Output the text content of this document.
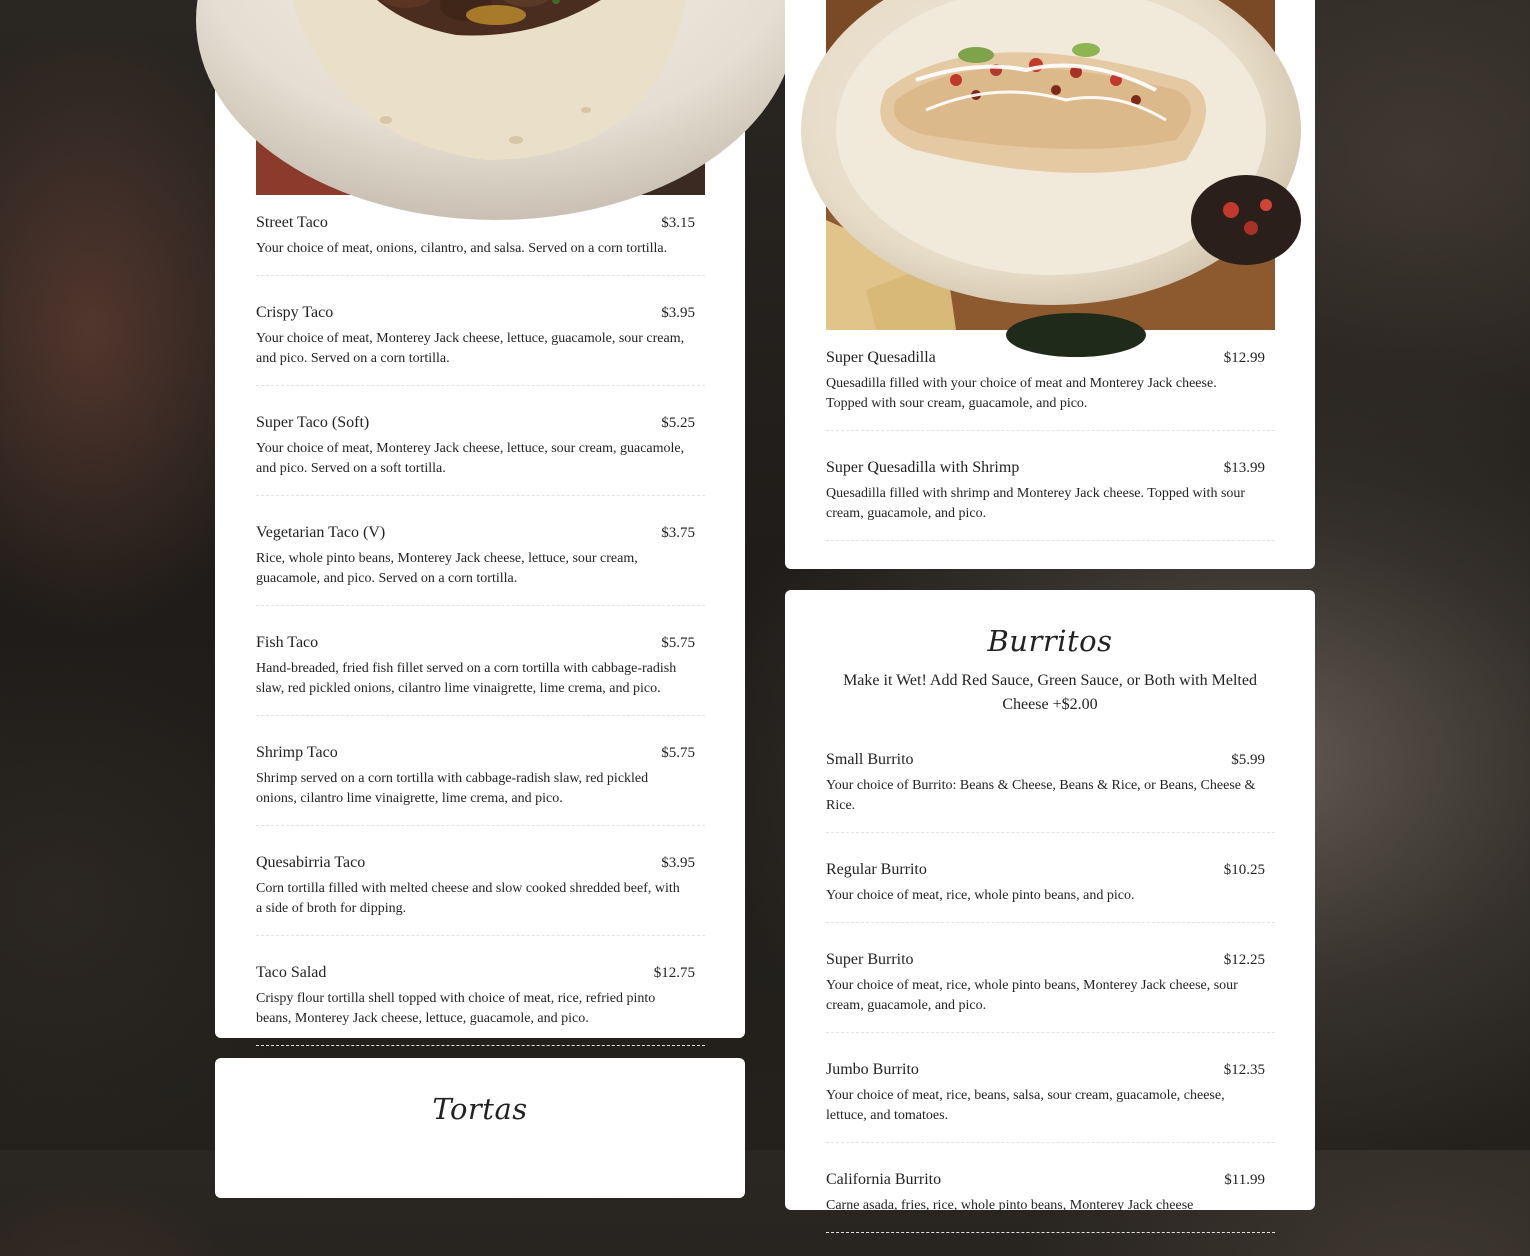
Street Taco	$3.15
Your choice of meat, onions, cilantro, and salsa. Served on a corn tortilla.
Crispy Taco	$3.95
Your choice of meat, Monterey Jack cheese, lettuce, guacamole, sour cream, and pico. Served on a corn tortilla.
Super Taco (Soft)	$5.25
Your choice of meat, Monterey Jack cheese, lettuce, sour cream, guacamole, and pico. Served on a soft tortilla.
Vegetarian Taco (V)	$3.75
Rice, whole pinto beans, Monterey Jack cheese, lettuce, sour cream, guacamole, and pico. Served on a corn tortilla.
Fish Taco	$5.75
Hand-breaded, fried fish fillet served on a corn tortilla with cabbage-radish slaw, red pickled onions, cilantro lime vinaigrette, lime crema, and pico.
Shrimp Taco	$5.75
Shrimp served on a corn tortilla with cabbage-radish slaw, red pickled onions, cilantro lime vinaigrette, lime crema, and pico.
Quesabirria Taco	$3.95
Corn tortilla filled with melted cheese and slow cooked shredded beef, with a side of broth for dipping.
Taco Salad	$12.75
Crispy flour tortilla shell topped with choice of meat, rice, refried pinto beans, Monterey Jack cheese, lettuce, guacamole, and pico.
Tortas
Super Quesadilla	$12.99
Quesadilla filled with your choice of meat and Monterey Jack cheese. Topped with sour cream, guacamole, and pico.
Super Quesadilla with Shrimp	$13.99
Quesadilla filled with shrimp and Monterey Jack cheese. Topped with sour cream, guacamole, and pico.
Burritos
Make it Wet! Add Red Sauce, Green Sauce, or Both with Melted Cheese +$2.00
Small Burrito	$5.99
Your choice of Burrito: Beans & Cheese, Beans & Rice, or Beans, Cheese & Rice.
Regular Burrito	$10.25
Your choice of meat, rice, whole pinto beans, and pico.
Super Burrito	$12.25
Your choice of meat, rice, whole pinto beans, Monterey Jack cheese, sour cream, guacamole, and pico.
Jumbo Burrito	$12.35
Your choice of meat, rice, beans, salsa, sour cream, guacamole, cheese, lettuce, and tomatoes.
California Burrito	$11.99
Carne asada, fries, rice, whole pinto beans, Monterey Jack cheese
